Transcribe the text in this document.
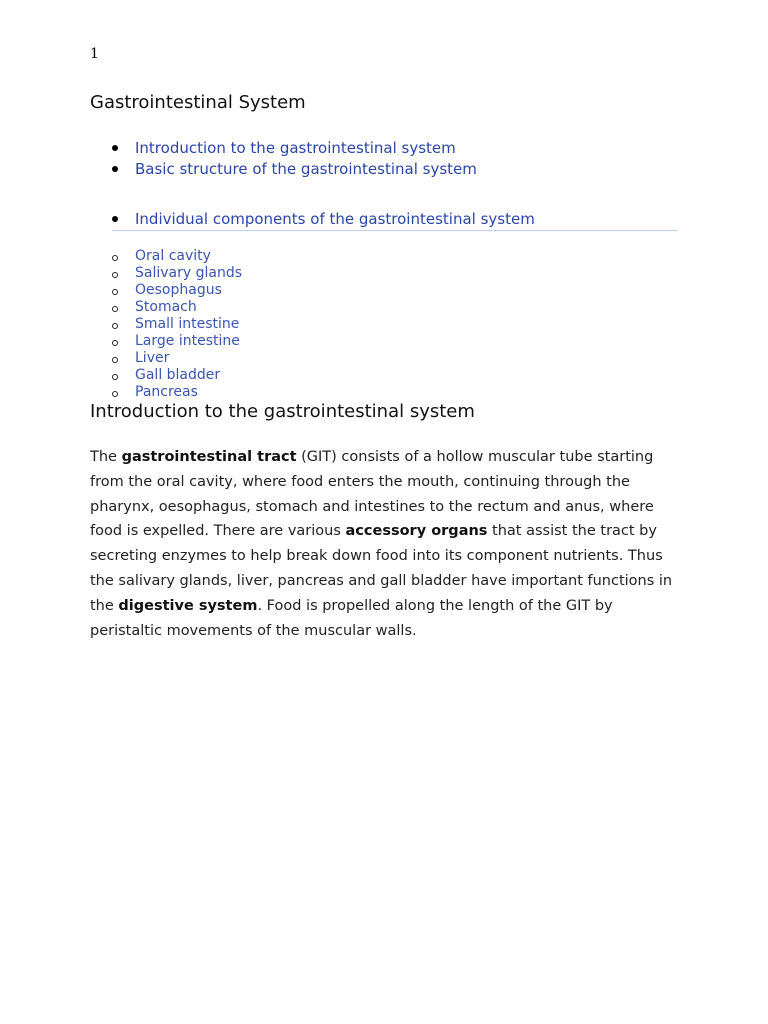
1
Gastrointestinal System
Introduction to the gastrointestinal system
Basic structure of the gastrointestinal system
Individual components of the gastrointestinal system
Oral cavity
Salivary glands
Oesophagus
Stomach
Small intestine
Large intestine
Liver
Gall bladder
Pancreas
Introduction to the gastrointestinal system

The gastrointestinal tract (GIT) consists of a hollow muscular tube starting from the oral cavity, where food enters the mouth, continuing through the pharynx, oesophagus, stomach and intestines to the rectum and anus, where food is expelled. There are various accessory organs that assist the tract by secreting enzymes to help break down food into its component nutrients. Thus the salivary glands, liver, pancreas and gall bladder have important functions in the digestive system. Food is propelled along the length of the GIT by peristaltic movements of the muscular walls.
